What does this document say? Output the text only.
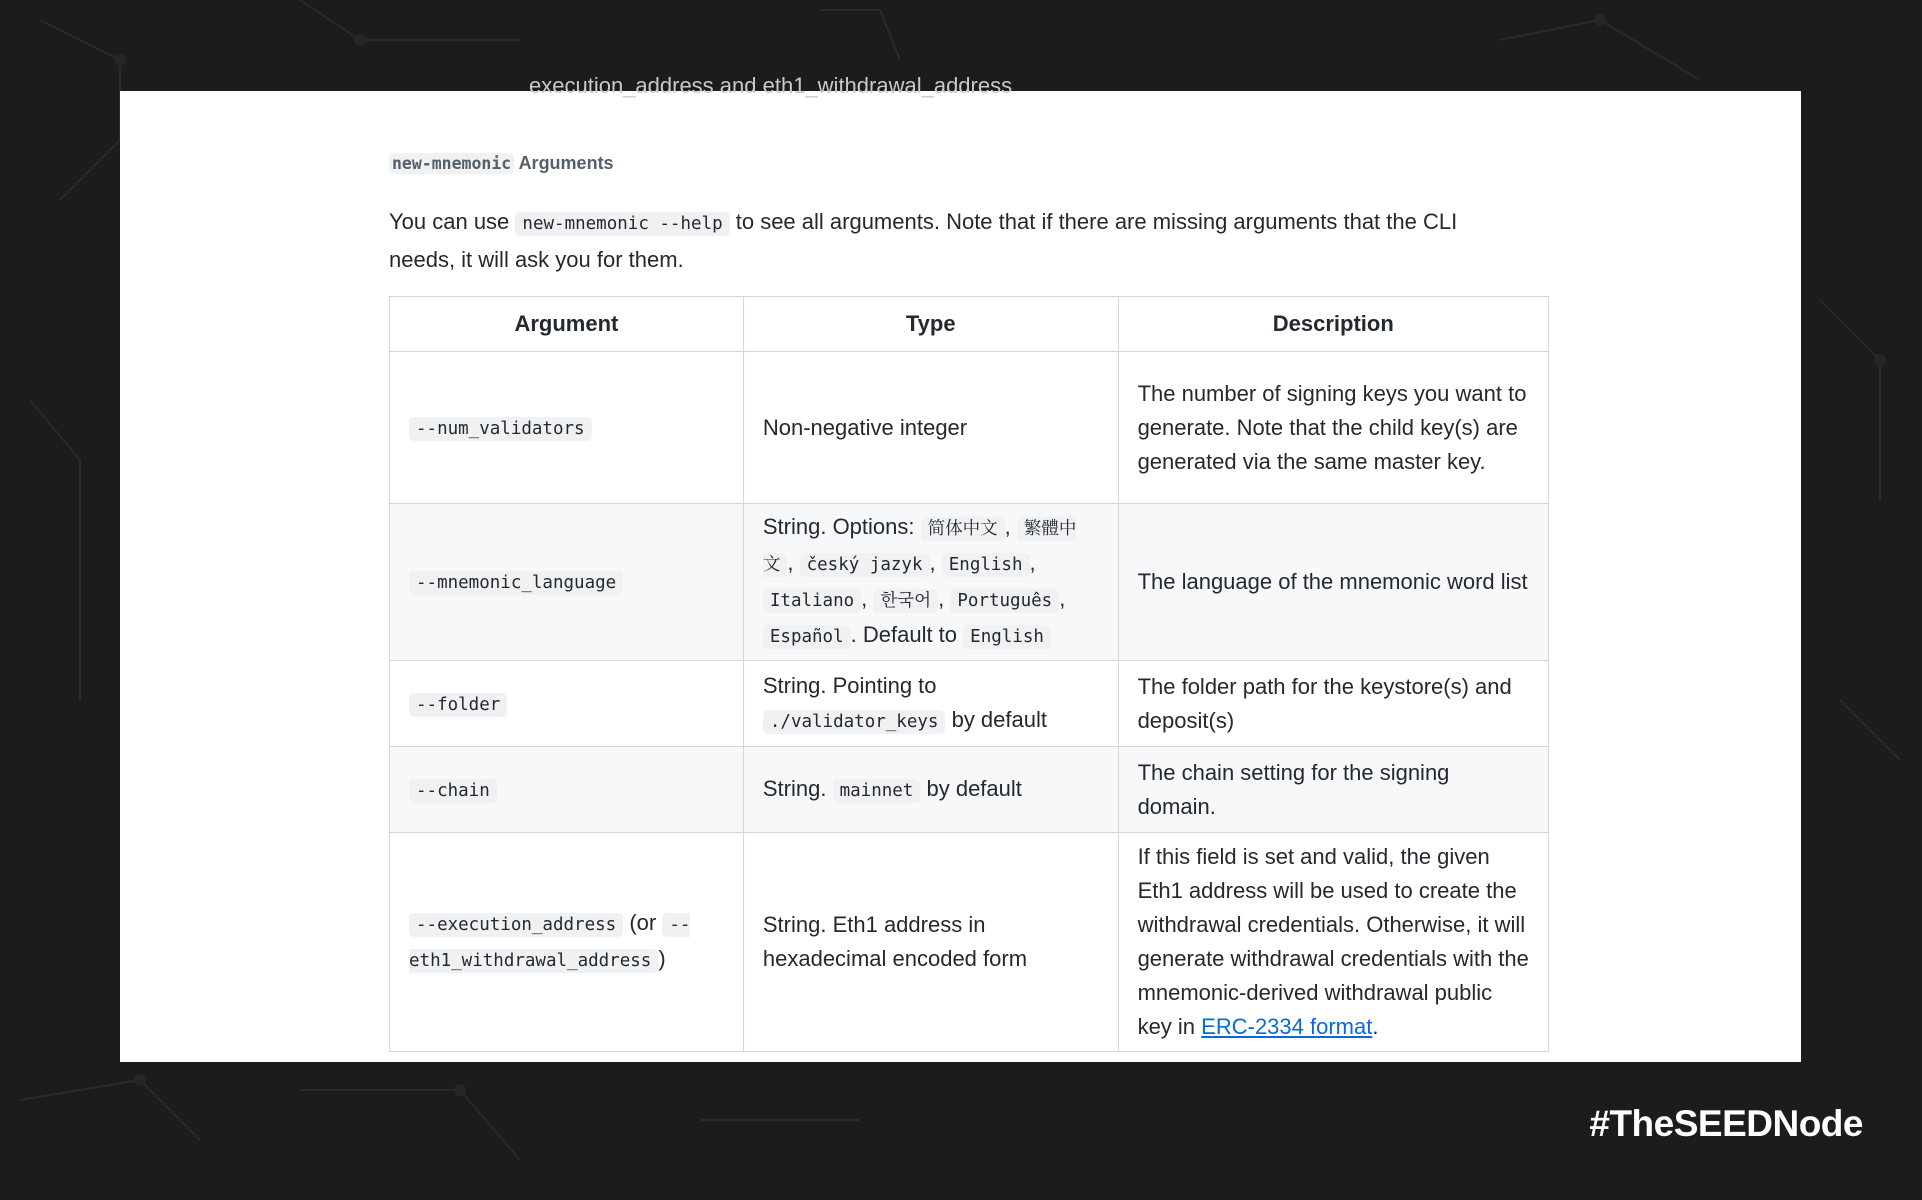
execution_address and eth1_withdrawal_address
new-mnemonic Arguments
You can use new-mnemonic --help to see all arguments. Note that if there are missing arguments that the CLI needs, it will ask you for them.
Argument	Type	Description
--num_validators	Non-negative integer	The number of signing keys you want to generate. Note that the child key(s) are generated via the same master key.
--mnemonic_language	String. Options: 简体中文 , 繁體中文 , český jazyk , English , Italiano , 한국어 , Português , Español . Default to English	The language of the mnemonic word list
--folder	String. Pointing to ./validator_keys by default	The folder path for the keystore(s) and deposit(s)
--chain	String. mainnet by default	The chain setting for the signing domain.
--execution_address (or --eth1_withdrawal_address )	String. Eth1 address in hexadecimal encoded form	If this field is set and valid, the given Eth1 address will be used to create the withdrawal credentials. Otherwise, it will generate withdrawal credentials with the mnemonic-derived withdrawal public key in ERC-2334 format.
#TheSEEDNode
